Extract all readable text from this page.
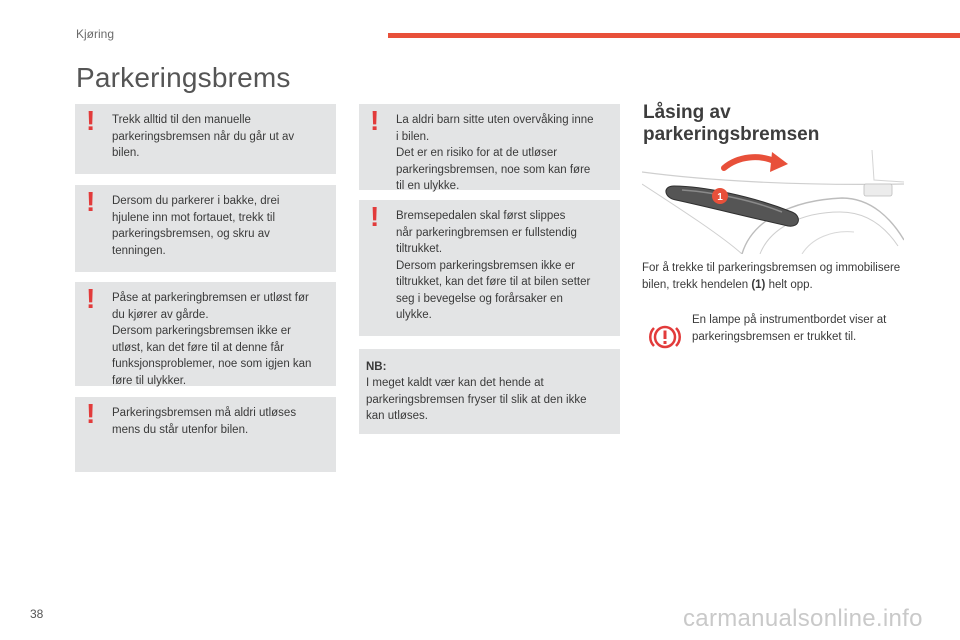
Kjøring
Parkeringsbrems
! Trekk alltid til den manuelle
parkeringsbremsen når du går ut av
bilen.
! Dersom du parkerer i bakke, drei
hjulene inn mot fortauet, trekk til
parkeringsbremsen, og skru av
tenningen.
! Påse at parkeringbremsen er utløst før
du kjører av gårde.
Dersom parkeringsbremsen ikke er
utløst, kan det føre til at denne får
funksjonsproblemer, noe som igjen kan
føre til ulykker.
! Parkeringsbremsen må aldri utløses
mens du står utenfor bilen.
! La aldri barn sitte uten overvåking inne
i bilen.
Det er en risiko for at de utløser
parkeringsbremsen, noe som kan føre
til en ulykke.
! Bremsepedalen skal først slippes
når parkeringbremsen er fullstendig
tiltrukket.
Dersom parkeringsbremsen ikke er
tiltrukket, kan det føre til at bilen setter
seg i bevegelse og forårsaker en
ulykke.
NB:
I meget kaldt vær kan det hende at
parkeringsbremsen fryser til slik at den ikke
kan utløses.
Låsing av
parkeringsbremsen
1
For å trekke til parkeringsbremsen og immobilisere bilen, trekk hendelen (1) helt opp.
En lampe på instrumentbordet viser at
parkeringsbremsen er trukket til.
38	carmanualsonline.info
